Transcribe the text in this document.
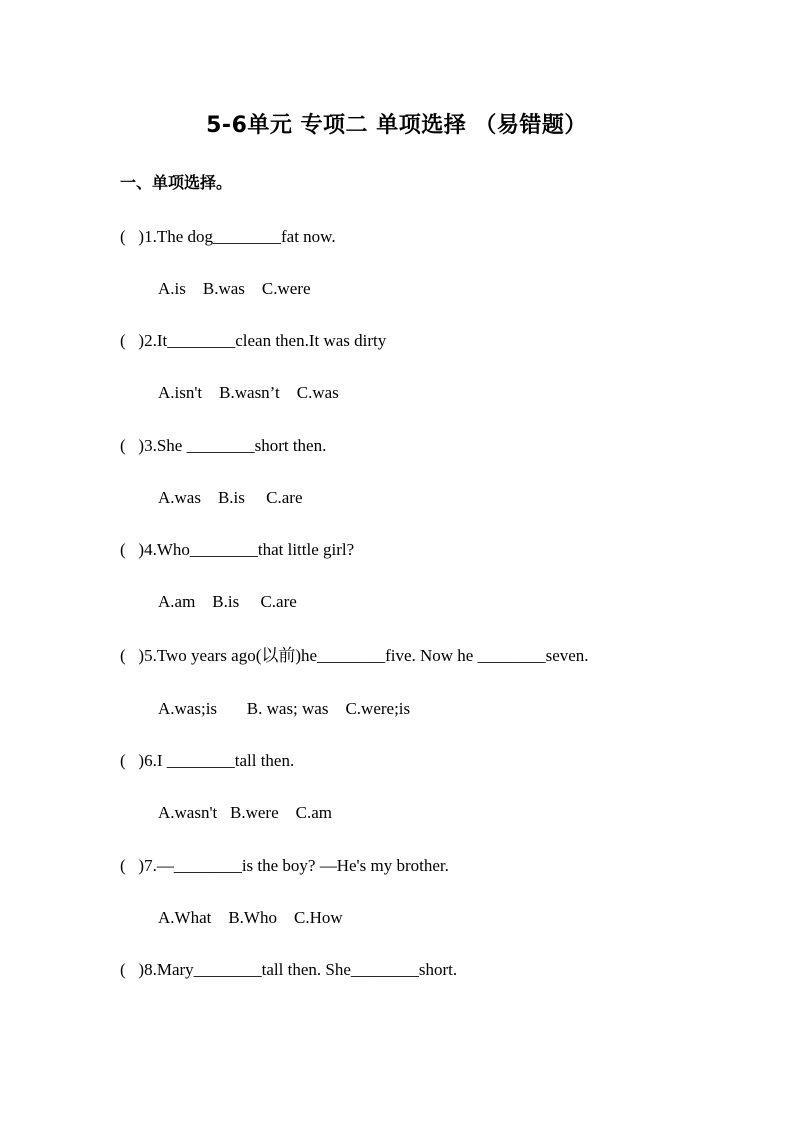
5-6单元 专项二 单项选择 （易错题）
一、单项选择。
(   )1.The dog________fat now.
A.is    B.was    C.were
(   )2.It________clean then.It was dirty
A.isn't    B.wasn’t    C.was
(   )3.She ________short then.
A.was    B.is     C.are
(   )4.Who________that little girl?
A.am    B.is     C.are
(   )5.Two years ago(以前)he________five. Now he ________seven.
A.was;is       B. was; was    C.were;is
(   )6.I ________tall then.
A.wasn't   B.were    C.am
(   )7.—________is the boy? —He's my brother.
A.What    B.Who    C.How
(   )8.Mary________tall then. She________short.
